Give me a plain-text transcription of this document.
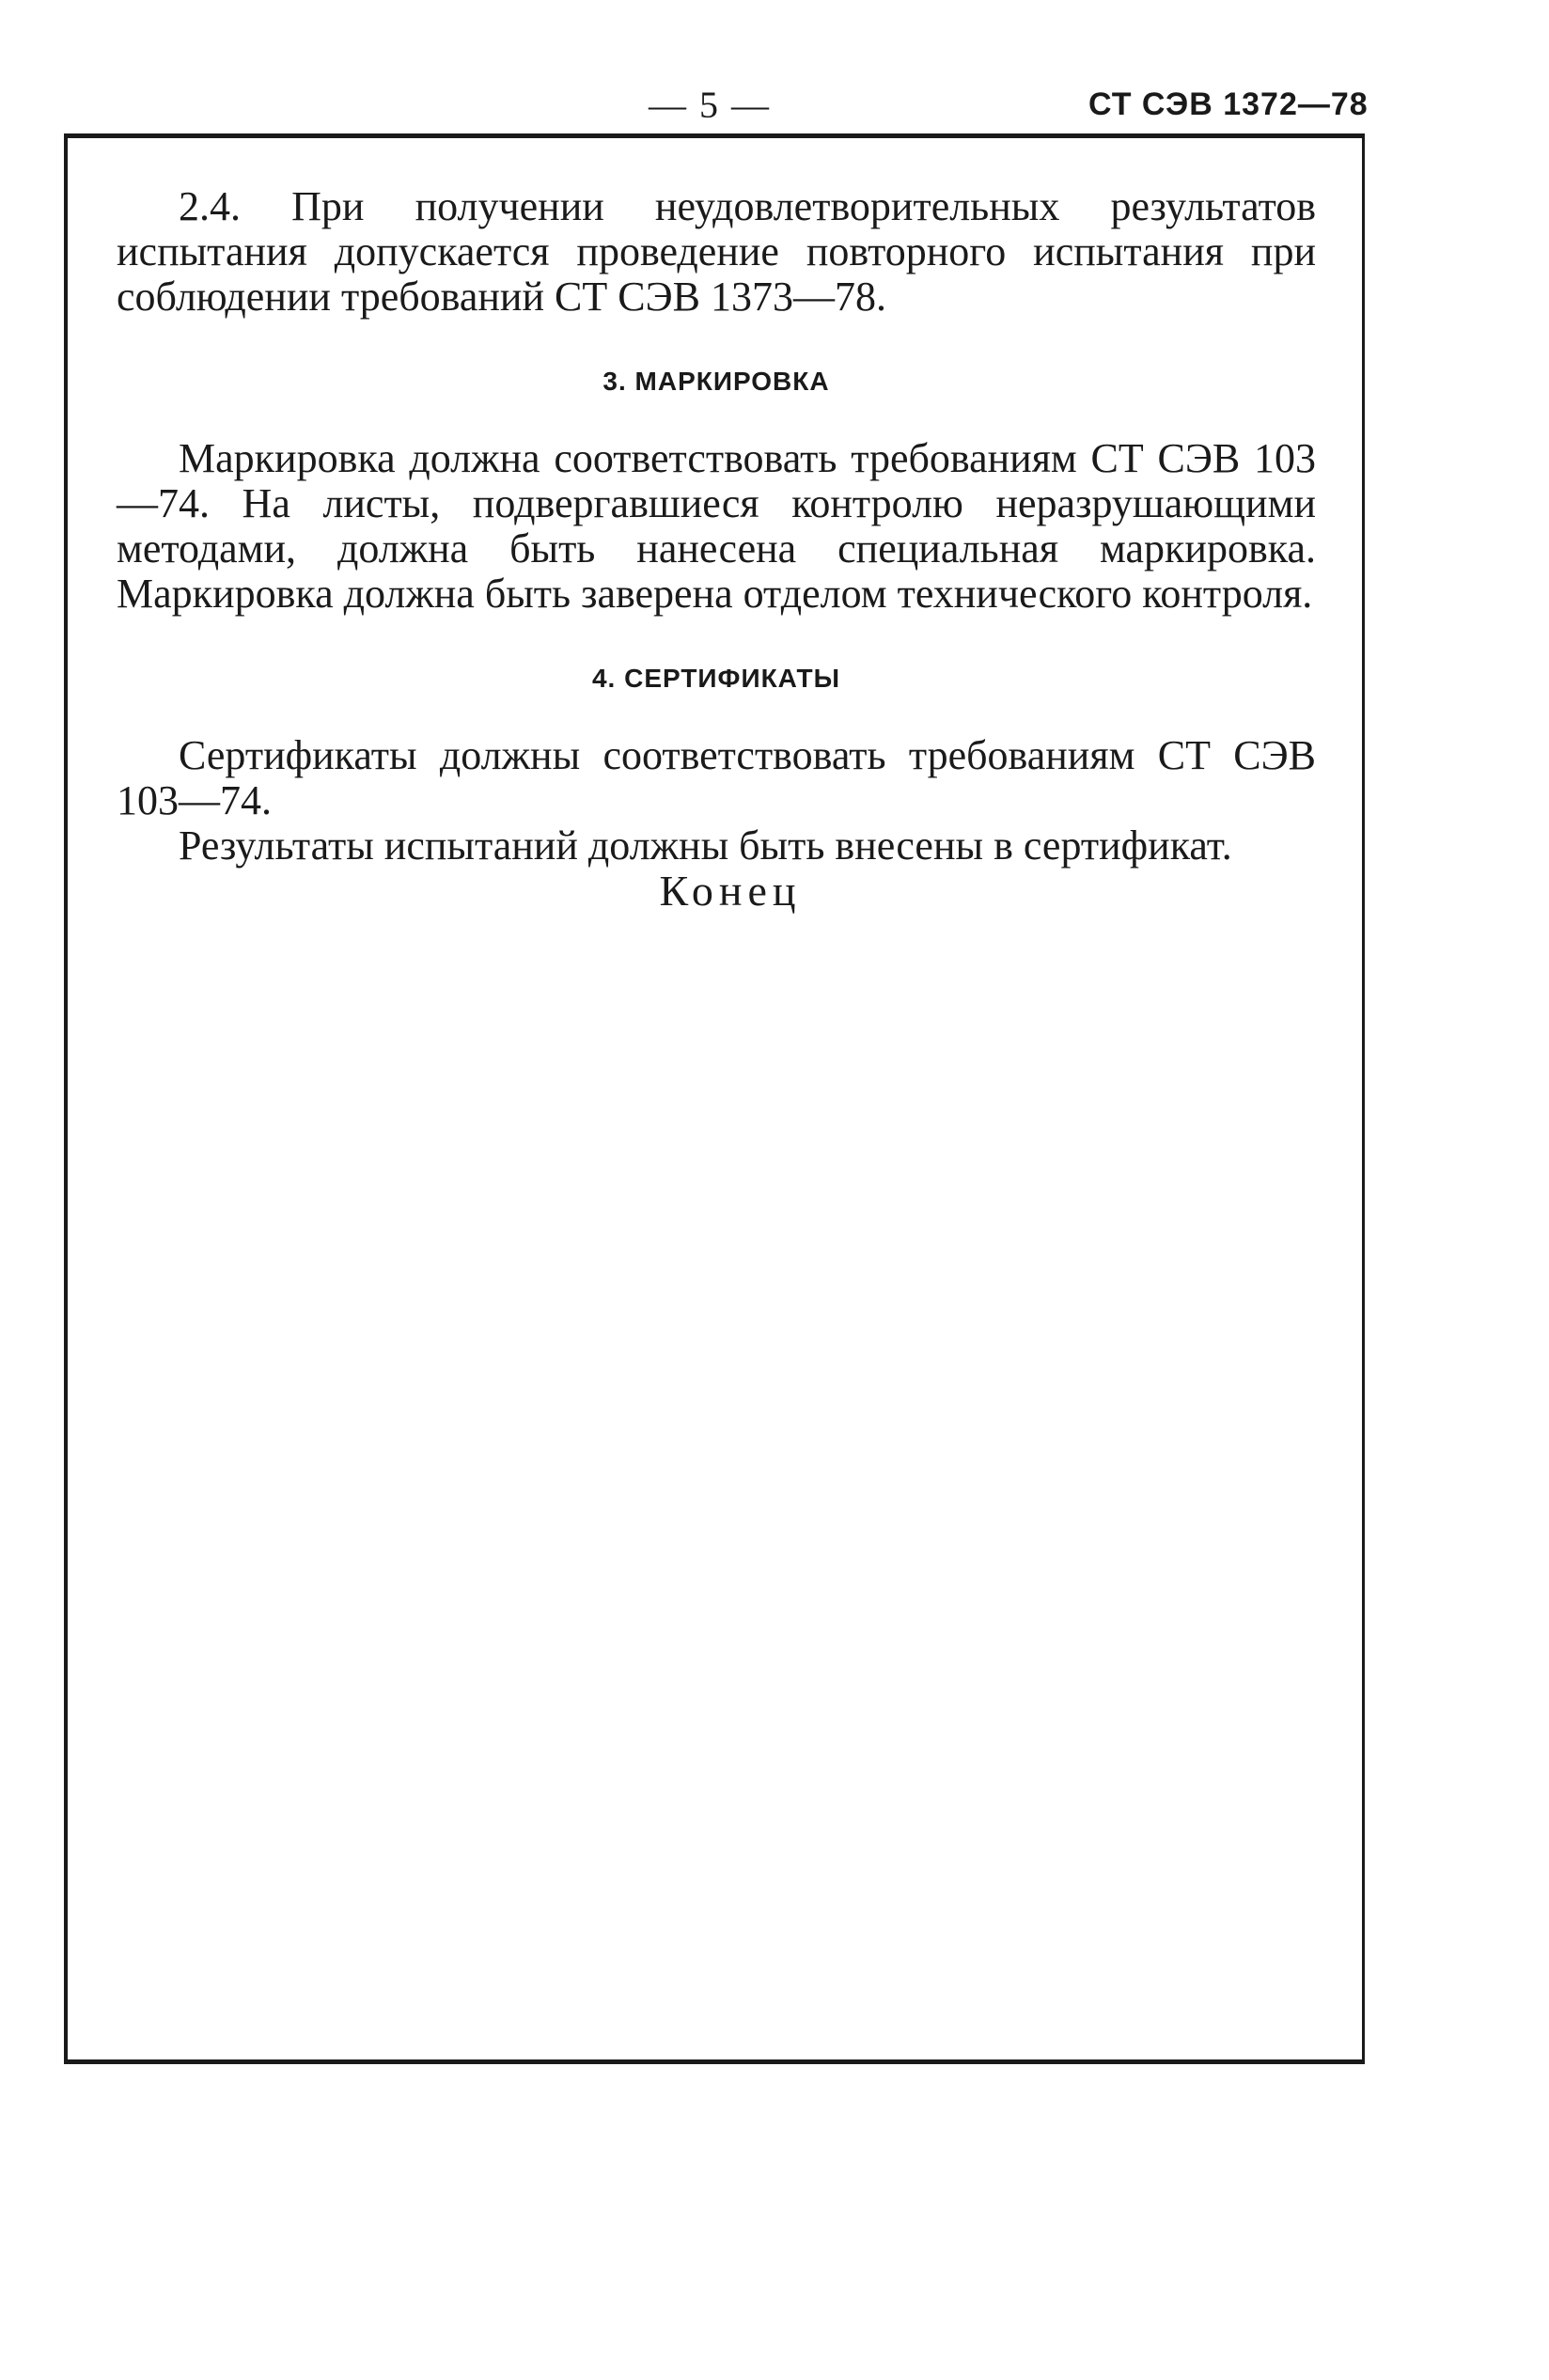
— 5 —	СТ СЭВ 1372—78

2.4. При получении неудовлетворительных результатов испытания допускается проведение повторного испытания при соблюдении требований СТ СЭВ 1373—78.

3. МАРКИРОВКА

Маркировка должна соответствовать требованиям СТ СЭВ 103—74. На листы, подвергавшиеся контролю неразрушающими методами, должна быть нанесена специальная маркировка. Маркировка должна быть заверена отделом технического контроля.

4. СЕРТИФИКАТЫ

Сертификаты должны соответствовать требованиям СТ СЭВ 103—74.

Результаты испытаний должны быть внесены в сертификат.

Конец
